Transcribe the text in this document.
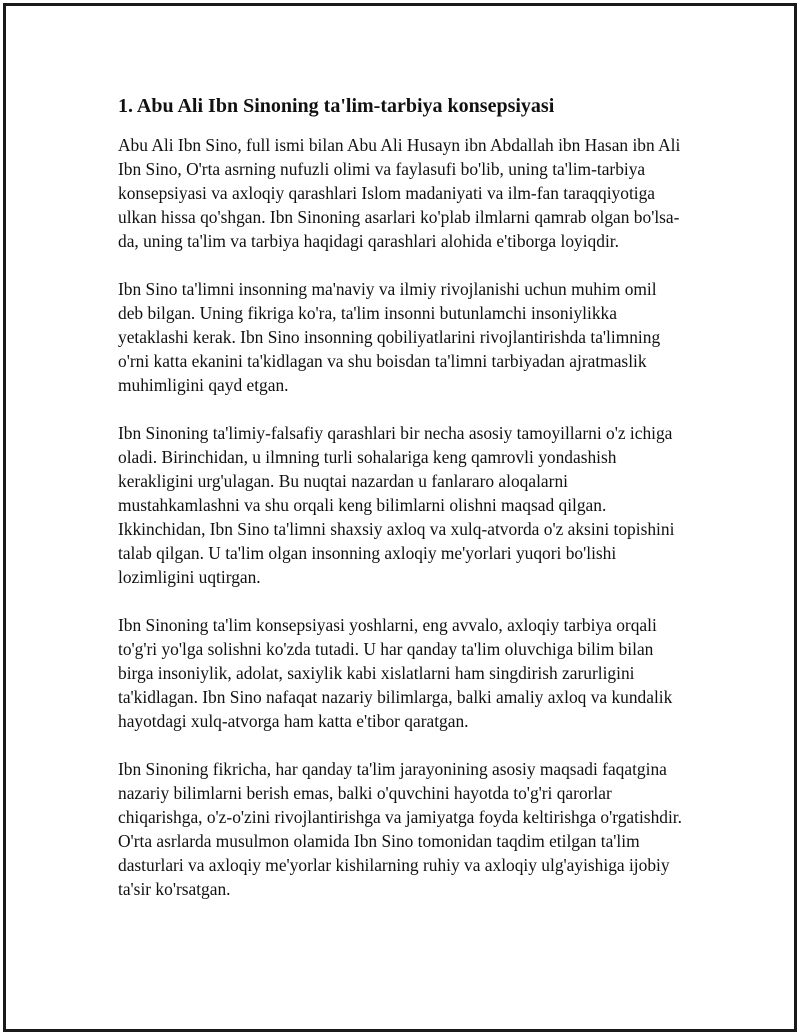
1. Abu Ali Ibn Sinoning ta'lim-tarbiya konsepsiyasi

Abu Ali Ibn Sino, full ismi bilan Abu Ali Husayn ibn Abdallah ibn Hasan ibn Ali Ibn Sino, O'rta asrning nufuzli olimi va faylasufi bo'lib, uning ta'lim-tarbiya konsepsiyasi va axloqiy qarashlari Islom madaniyati va ilm-fan taraqqiyotiga ulkan hissa qo'shgan. Ibn Sinoning asarlari ko'plab ilmlarni qamrab olgan bo'lsa-da, uning ta'lim va tarbiya haqidagi qarashlari alohida e'tiborga loyiqdir.

Ibn Sino ta'limni insonning ma'naviy va ilmiy rivojlanishi uchun muhim omil deb bilgan. Uning fikriga ko'ra, ta'lim insonni butunlamchi insoniylikka yetaklashi kerak. Ibn Sino insonning qobiliyatlarini rivojlantirishda ta'limning o'rni katta ekanini ta'kidlagan va shu boisdan ta'limni tarbiyadan ajratmaslik muhimligini qayd etgan.

Ibn Sinoning ta'limiy-falsafiy qarashlari bir necha asosiy tamoyillarni o'z ichiga oladi. Birinchidan, u ilmning turli sohalariga keng qamrovli yondashish kerakligini urg'ulagan. Bu nuqtai nazardan u fanlararo aloqalarni mustahkamlashni va shu orqali keng bilimlarni olishni maqsad qilgan. Ikkinchidan, Ibn Sino ta'limni shaxsiy axloq va xulq-atvorda o'z aksini topishini talab qilgan. U ta'lim olgan insonning axloqiy me'yorlari yuqori bo'lishi lozimligini uqtirgan.

Ibn Sinoning ta'lim konsepsiyasi yoshlarni, eng avvalo, axloqiy tarbiya orqali to'g'ri yo'lga solishni ko'zda tutadi. U har qanday ta'lim oluvchiga bilim bilan birga insoniylik, adolat, saxiylik kabi xislatlarni ham singdirish zarurligini ta'kidlagan. Ibn Sino nafaqat nazariy bilimlarga, balki amaliy axloq va kundalik hayotdagi xulq-atvorga ham katta e'tibor qaratgan.

Ibn Sinoning fikricha, har qanday ta'lim jarayonining asosiy maqsadi faqatgina nazariy bilimlarni berish emas, balki o'quvchini hayotda to'g'ri qarorlar chiqarishga, o'z-o'zini rivojlantirishga va jamiyatga foyda keltirishga o'rgatishdir. O'rta asrlarda musulmon olamida Ibn Sino tomonidan taqdim etilgan ta'lim dasturlari va axloqiy me'yorlar kishilarning ruhiy va axloqiy ulg'ayishiga ijobiy ta'sir ko'rsatgan.
